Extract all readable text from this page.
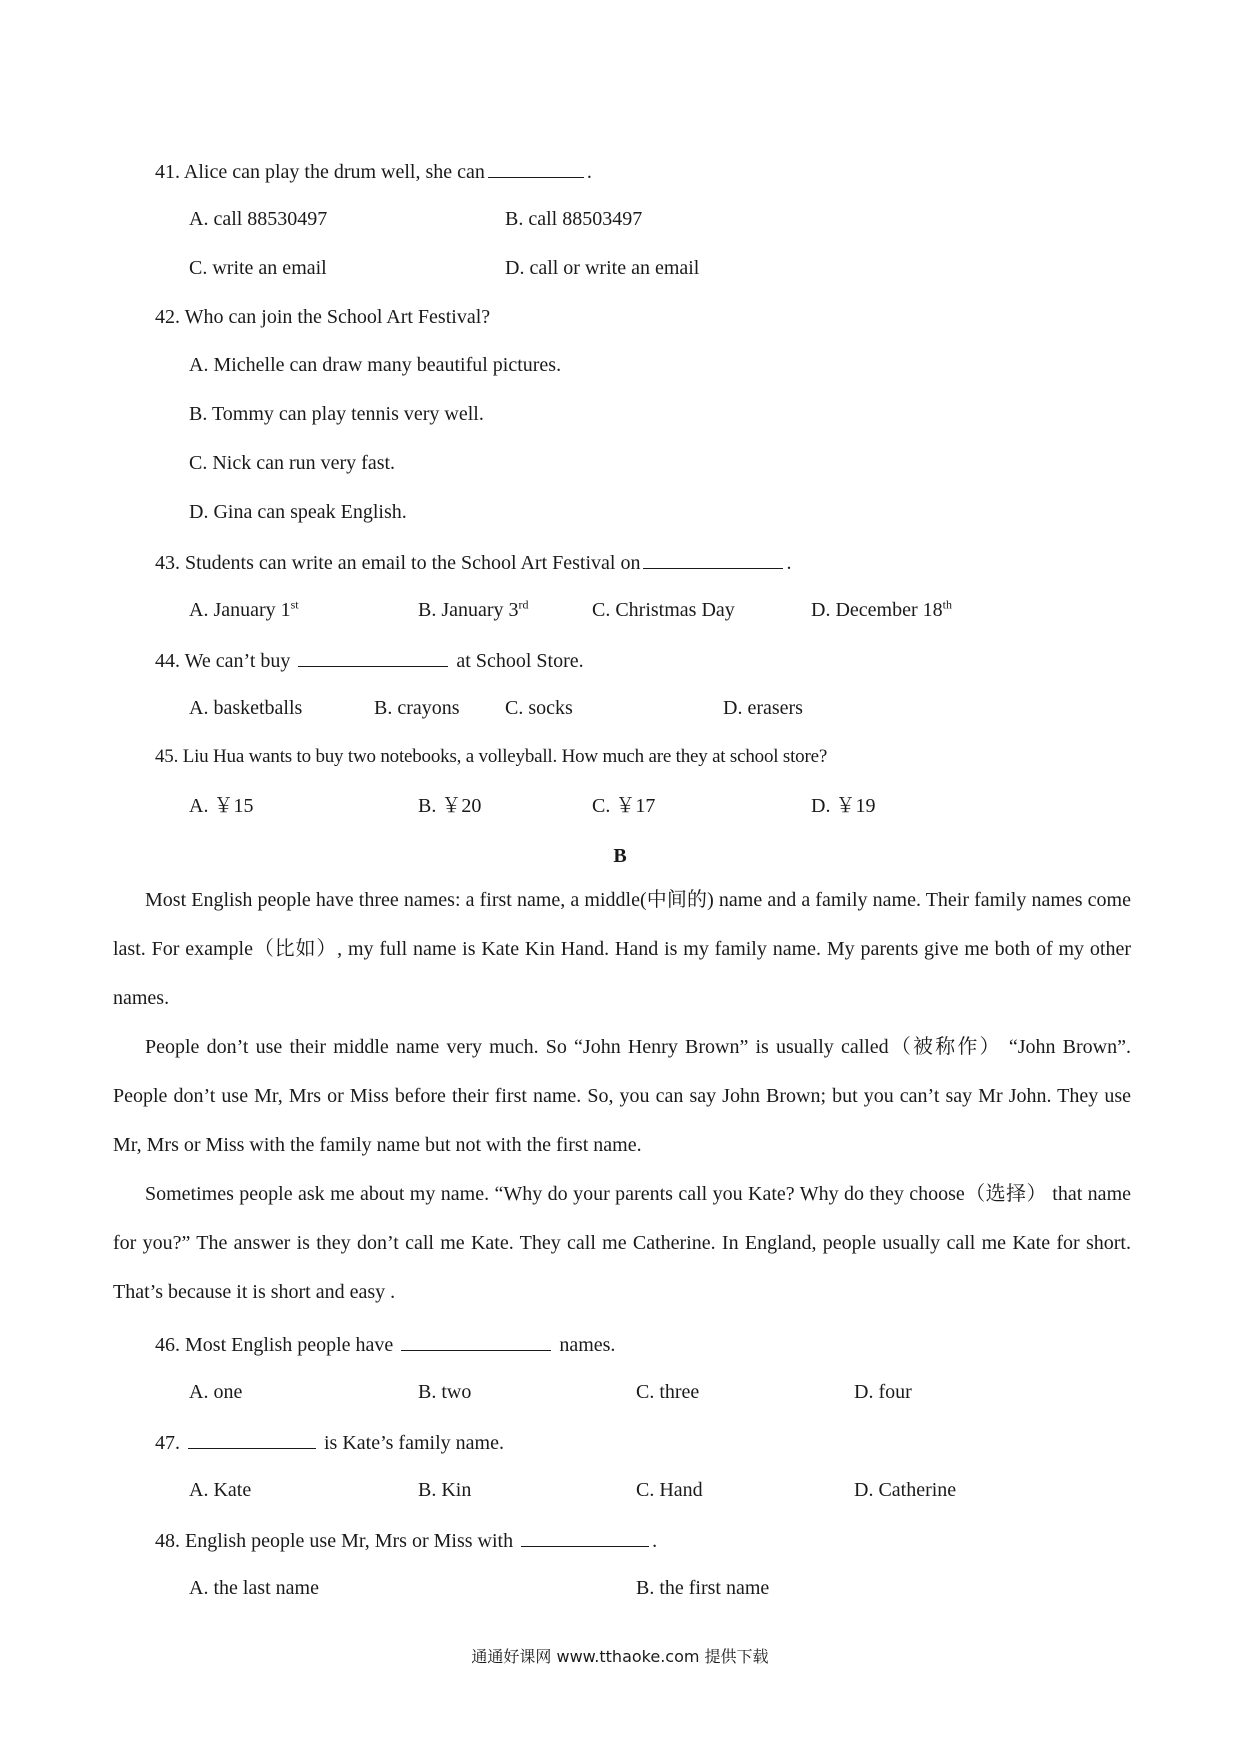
41. Alice can play the drum well, she can	.
A. call 88530497	B. call 88503497
C. write an email	D. call or write an email
42. Who can join the School Art Festival?
A. Michelle can draw many beautiful pictures.
B. Tommy can play tennis very well.
C. Nick can run very fast.
D. Gina can speak English.
43. Students can write an email to the School Art Festival on	.
A. January 1st	B. January 3rd	C. Christmas Day	D. December 18th
44. We can’t buy	at School Store.
A. basketballs	B. crayons C. socks	D. erasers
45. Liu Hua wants to buy two notebooks, a volleyball. How much are they at school store?
A. ￥15	B. ￥20	C. ￥17	D. ￥19
B
Most English people have three names: a first name, a middle(中间的) name and a family name. Their family names come last. For example（比如）, my full name is Kate Kin Hand. Hand is my family name. My parents give me both of my other names.
People don’t use their middle name very much. So “John Henry Brown” is usually called（被称作） “John Brown”. People don’t use Mr, Mrs or Miss before their first name. So, you can say John Brown; but you can’t say Mr John. They use Mr, Mrs or Miss with the family name but not with the first name.
Sometimes people ask me about my name. “Why do your parents call you Kate? Why do they choose（选择） that name for you?” The answer is they don’t call me Kate. They call me Catherine. In England, people usually call me Kate for short. That’s because it is short and easy .
46. Most English people have	names.
A. one	B. two	C. three	D. four
47.	is Kate’s family name.
A. Kate	B. Kin	C. Hand	D. Catherine
48. English people use Mr, Mrs or Miss with	.
A. the last name	B. the first name
通通好课网 www.tthaoke.com 提供下载
